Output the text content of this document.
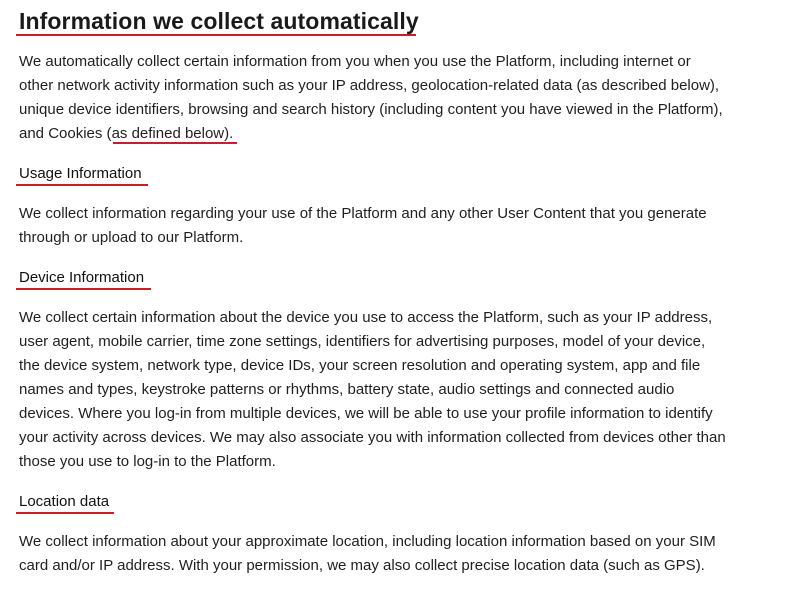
Information we collect automatically

We automatically collect certain information from you when you use the Platform, including internet or
other network activity information such as your IP address, geolocation-related data (as described below),
unique device identifiers, browsing and search history (including content you have viewed in the Platform),
and Cookies (as defined below).

Usage Information

We collect information regarding your use of the Platform and any other User Content that you generate
through or upload to our Platform.

Device Information

We collect certain information about the device you use to access the Platform, such as your IP address,
user agent, mobile carrier, time zone settings, identifiers for advertising purposes, model of your device,
the device system, network type, device IDs, your screen resolution and operating system, app and file
names and types, keystroke patterns or rhythms, battery state, audio settings and connected audio
devices. Where you log-in from multiple devices, we will be able to use your profile information to identify
your activity across devices. We may also associate you with information collected from devices other than
those you use to log-in to the Platform.

Location data

We collect information about your approximate location, including location information based on your SIM
card and/or IP address. With your permission, we may also collect precise location data (such as GPS).
